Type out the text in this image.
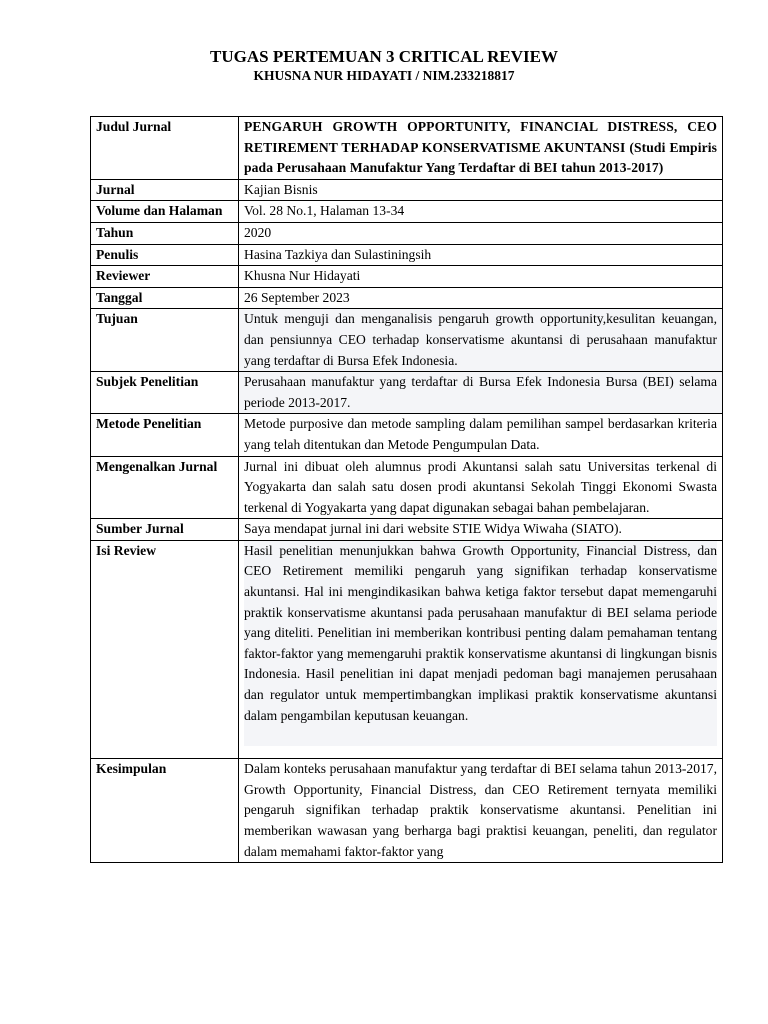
TUGAS PERTEMUAN 3 CRITICAL REVIEW
KHUSNA NUR HIDAYATI / NIM.233218817
Judul Jurnal	PENGARUH GROWTH OPPORTUNITY, FINANCIAL DISTRESS, CEO RETIREMENT TERHADAP KONSERVATISME AKUNTANSI (Studi Empiris pada Perusahaan Manufaktur Yang Terdaftar di BEI tahun 2013-2017)
Jurnal	Kajian Bisnis
Volume dan Halaman	Vol. 28 No.1, Halaman 13-34
Tahun	2020
Penulis	Hasina Tazkiya dan Sulastiningsih
Reviewer	Khusna Nur Hidayati
Tanggal	26 September 2023
Tujuan	Untuk menguji dan menganalisis pengaruh growth opportunity,kesulitan keuangan, dan pensiunnya CEO terhadap konservatisme akuntansi di perusahaan manufaktur yang terdaftar di Bursa Efek Indonesia.
Subjek Penelitian	Perusahaan manufaktur yang terdaftar di Bursa Efek Indonesia Bursa (BEI) selama periode 2013-2017.
Metode Penelitian	Metode purposive dan metode sampling dalam pemilihan sampel berdasarkan kriteria yang telah ditentukan dan Metode Pengumpulan Data.
Mengenalkan Jurnal	Jurnal ini dibuat oleh alumnus prodi Akuntansi salah satu Universitas terkenal di Yogyakarta dan salah satu dosen prodi akuntansi Sekolah Tinggi Ekonomi Swasta terkenal di Yogyakarta yang dapat digunakan sebagai bahan pembelajaran.
Sumber Jurnal	Saya mendapat jurnal ini dari website STIE Widya Wiwaha (SIATO).
Isi Review	Hasil penelitian menunjukkan bahwa Growth Opportunity, Financial Distress, dan CEO Retirement memiliki pengaruh yang signifikan terhadap konservatisme akuntansi. Hal ini mengindikasikan bahwa ketiga faktor tersebut dapat memengaruhi praktik konservatisme akuntansi pada perusahaan manufaktur di BEI selama periode yang diteliti. Penelitian ini memberikan kontribusi penting dalam pemahaman tentang faktor-faktor yang memengaruhi praktik konservatisme akuntansi di lingkungan bisnis Indonesia. Hasil penelitian ini dapat menjadi pedoman bagi manajemen perusahaan dan regulator untuk mempertimbangkan implikasi praktik konservatisme akuntansi dalam pengambilan keputusan keuangan.

Kesimpulan	Dalam konteks perusahaan manufaktur yang terdaftar di BEI selama tahun 2013-2017, Growth Opportunity, Financial Distress, dan CEO Retirement ternyata memiliki pengaruh signifikan terhadap praktik konservatisme akuntansi. Penelitian ini memberikan wawasan yang berharga bagi praktisi keuangan, peneliti, dan regulator dalam memahami faktor-faktor yang
